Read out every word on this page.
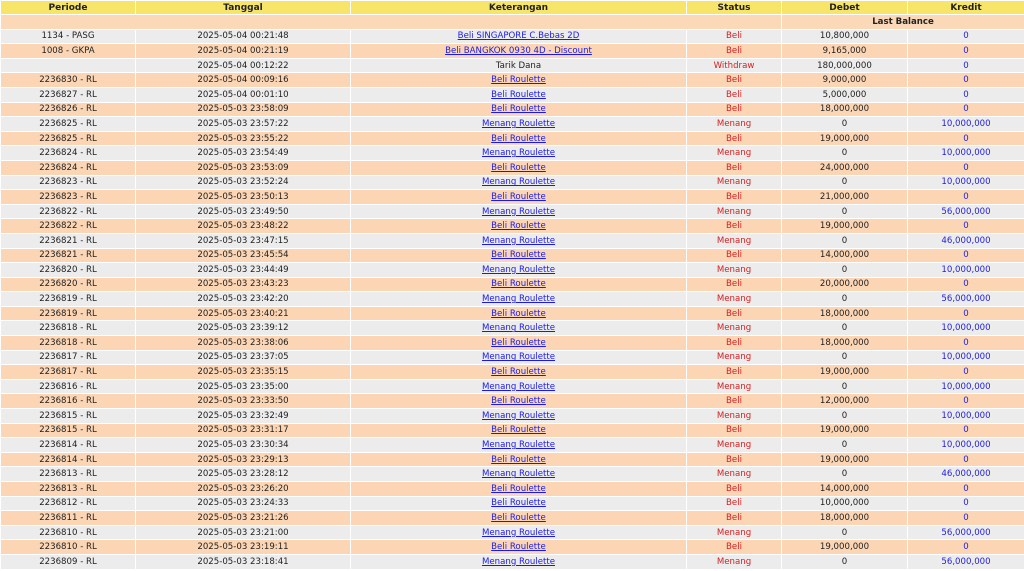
Periode	Tanggal	Keterangan	Status	Debet	Kredit
				Last Balance	
1134 - PASG	2025-05-04 00:21:48	Beli SINGAPORE C.Bebas 2D	Beli	10,800,000	0
1008 - GKPA	2025-05-04 00:21:19	Beli BANGKOK 0930 4D - Discount	Beli	9,165,000	0
	2025-05-04 00:12:22	Tarik Dana	Withdraw	180,000,000	0
2236830 - RL	2025-05-04 00:09:16	Beli Roulette	Beli	9,000,000	0
2236827 - RL	2025-05-04 00:01:10	Beli Roulette	Beli	5,000,000	0
2236826 - RL	2025-05-03 23:58:09	Beli Roulette	Beli	18,000,000	0
2236825 - RL	2025-05-03 23:57:22	Menang Roulette	Menang	0	10,000,000
2236825 - RL	2025-05-03 23:55:22	Beli Roulette	Beli	19,000,000	0
2236824 - RL	2025-05-03 23:54:49	Menang Roulette	Menang	0	10,000,000
2236824 - RL	2025-05-03 23:53:09	Beli Roulette	Beli	24,000,000	0
2236823 - RL	2025-05-03 23:52:24	Menang Roulette	Menang	0	10,000,000
2236823 - RL	2025-05-03 23:50:13	Beli Roulette	Beli	21,000,000	0
2236822 - RL	2025-05-03 23:49:50	Menang Roulette	Menang	0	56,000,000
2236822 - RL	2025-05-03 23:48:22	Beli Roulette	Beli	19,000,000	0
2236821 - RL	2025-05-03 23:47:15	Menang Roulette	Menang	0	46,000,000
2236821 - RL	2025-05-03 23:45:54	Beli Roulette	Beli	14,000,000	0
2236820 - RL	2025-05-03 23:44:49	Menang Roulette	Menang	0	10,000,000
2236820 - RL	2025-05-03 23:43:23	Beli Roulette	Beli	20,000,000	0
2236819 - RL	2025-05-03 23:42:20	Menang Roulette	Menang	0	56,000,000
2236819 - RL	2025-05-03 23:40:21	Beli Roulette	Beli	18,000,000	0
2236818 - RL	2025-05-03 23:39:12	Menang Roulette	Menang	0	10,000,000
2236818 - RL	2025-05-03 23:38:06	Beli Roulette	Beli	18,000,000	0
2236817 - RL	2025-05-03 23:37:05	Menang Roulette	Menang	0	10,000,000
2236817 - RL	2025-05-03 23:35:15	Beli Roulette	Beli	19,000,000	0
2236816 - RL	2025-05-03 23:35:00	Menang Roulette	Menang	0	10,000,000
2236816 - RL	2025-05-03 23:33:50	Beli Roulette	Beli	12,000,000	0
2236815 - RL	2025-05-03 23:32:49	Menang Roulette	Menang	0	10,000,000
2236815 - RL	2025-05-03 23:31:17	Beli Roulette	Beli	19,000,000	0
2236814 - RL	2025-05-03 23:30:34	Menang Roulette	Menang	0	10,000,000
2236814 - RL	2025-05-03 23:29:13	Beli Roulette	Beli	19,000,000	0
2236813 - RL	2025-05-03 23:28:12	Menang Roulette	Menang	0	46,000,000
2236813 - RL	2025-05-03 23:26:20	Beli Roulette	Beli	14,000,000	0
2236812 - RL	2025-05-03 23:24:33	Beli Roulette	Beli	10,000,000	0
2236811 - RL	2025-05-03 23:21:26	Beli Roulette	Beli	18,000,000	0
2236810 - RL	2025-05-03 23:21:00	Menang Roulette	Menang	0	56,000,000
2236810 - RL	2025-05-03 23:19:11	Beli Roulette	Beli	19,000,000	0
2236809 - RL	2025-05-03 23:18:41	Menang Roulette	Menang	0	56,000,000
